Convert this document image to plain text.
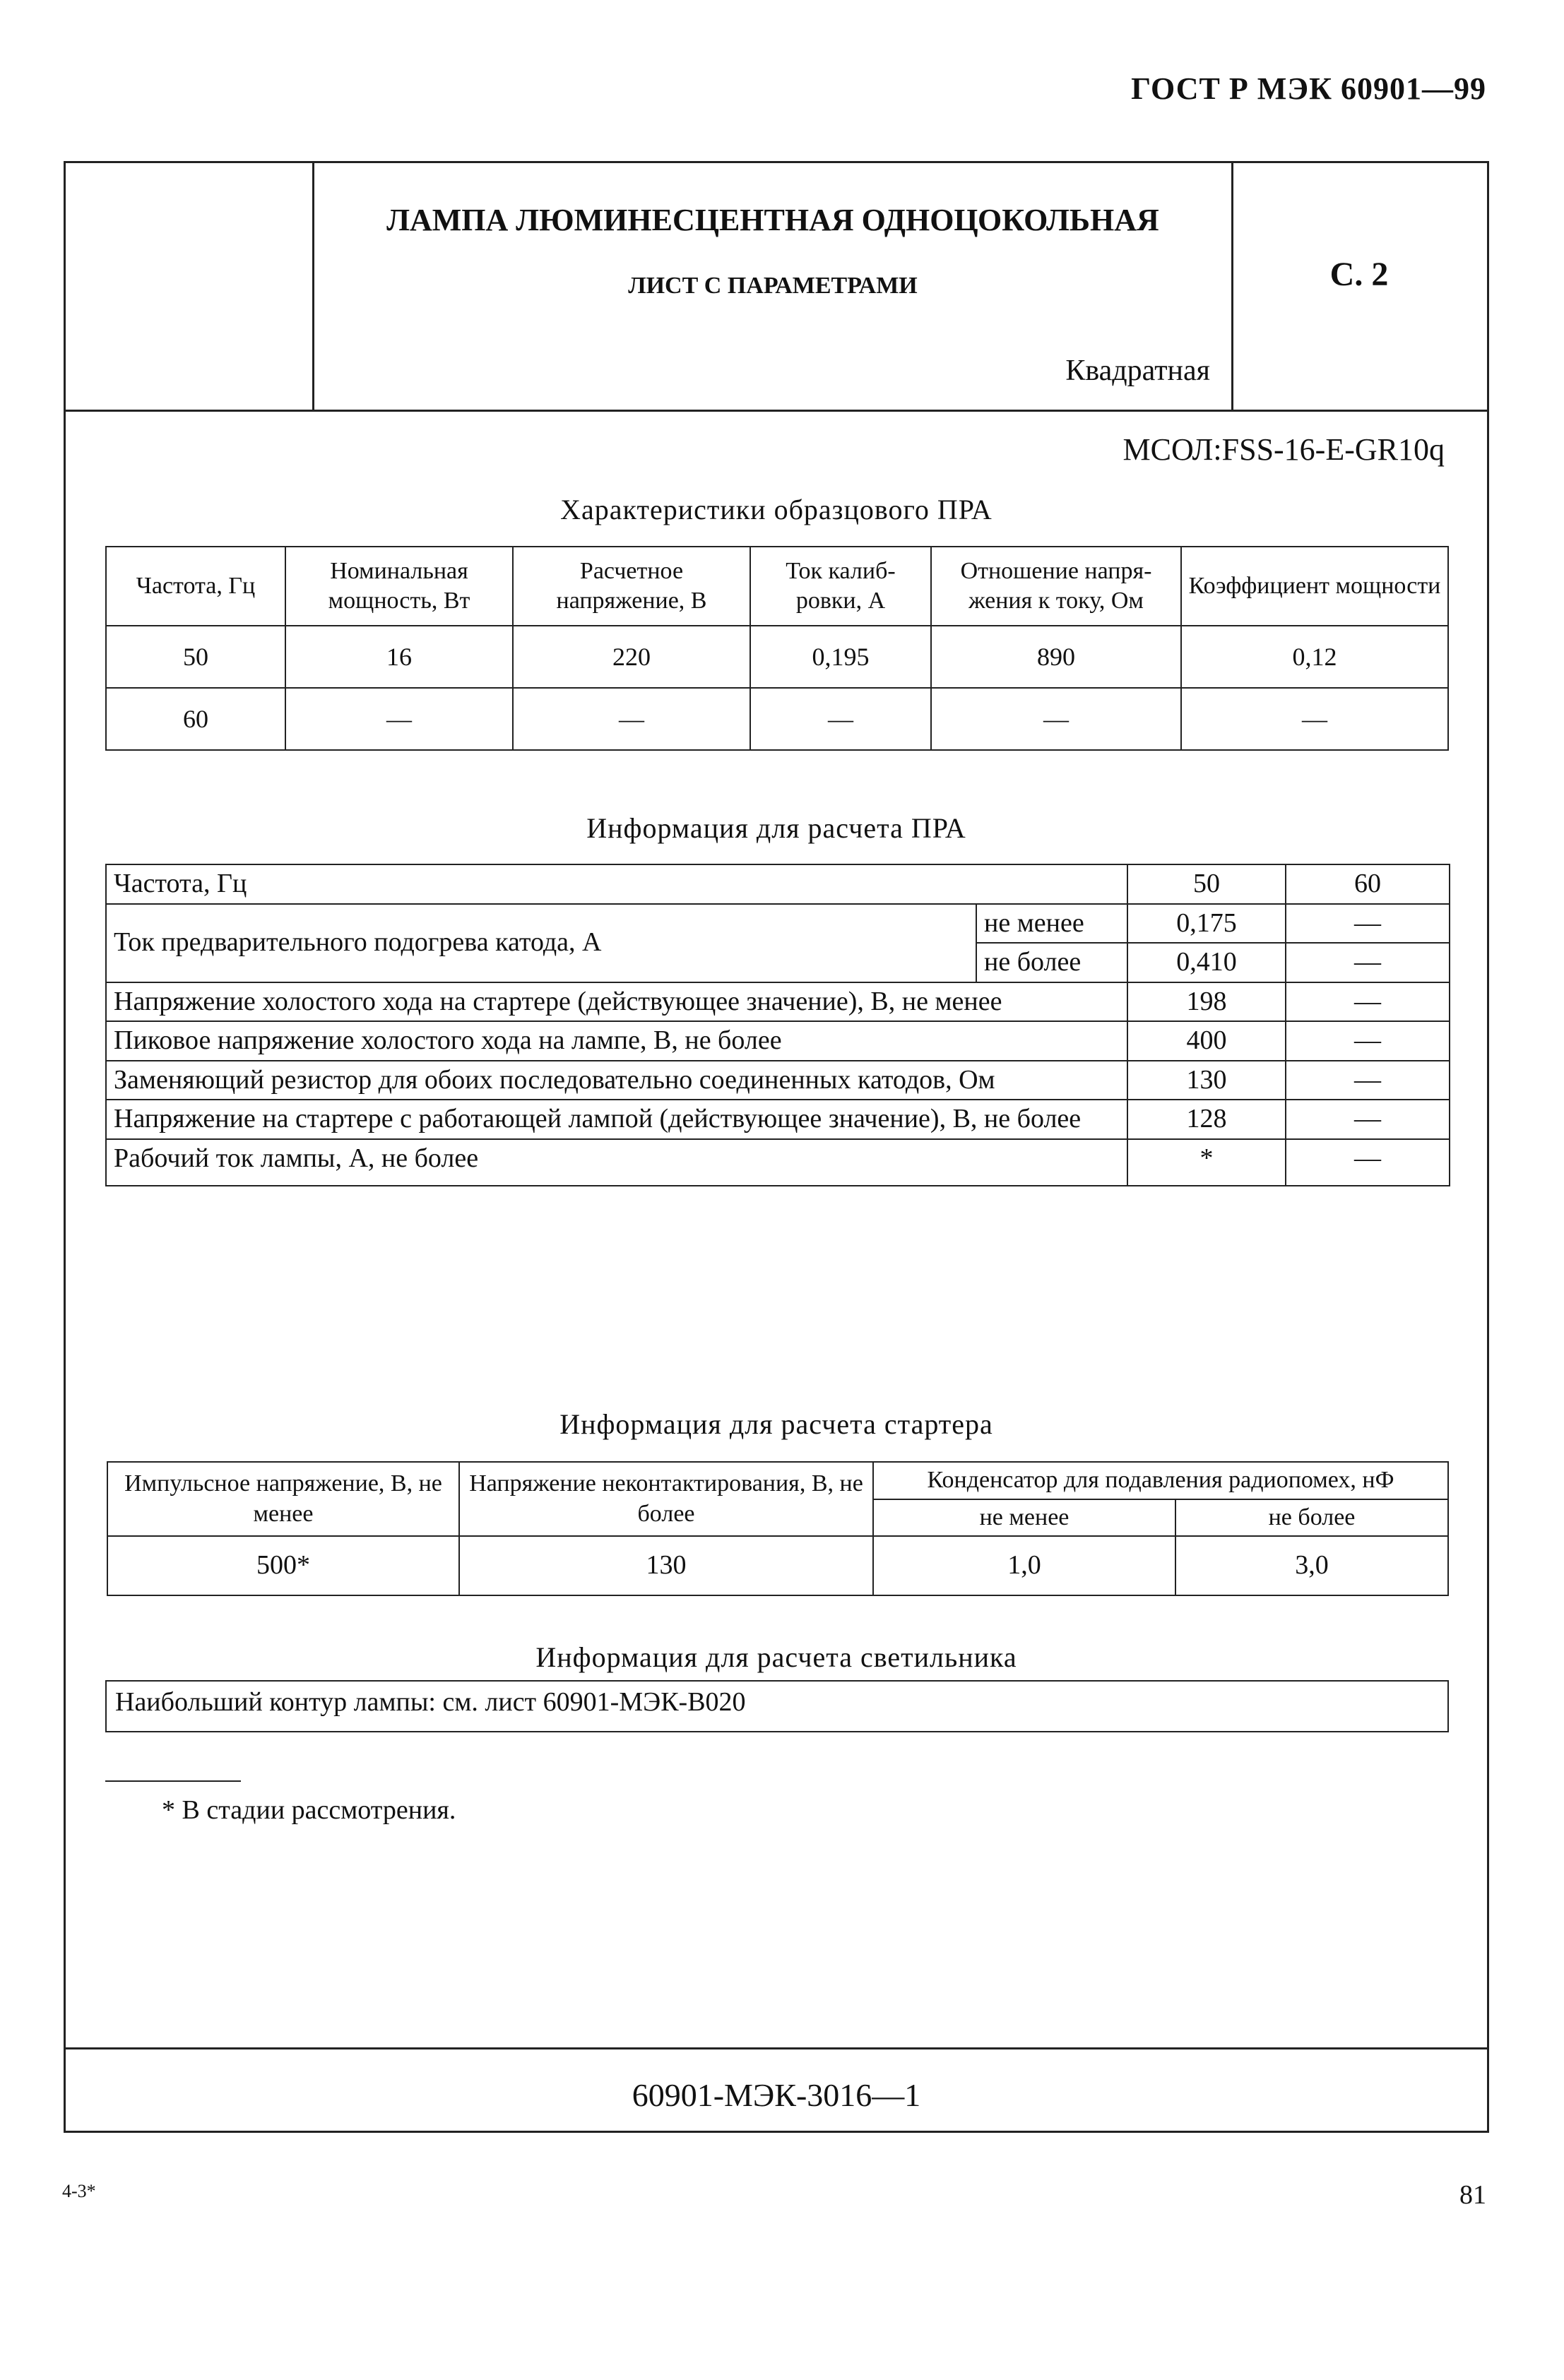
ГОСТ Р МЭК 60901—99
ЛАМПА ЛЮМИНЕСЦЕНТНАЯ ОДНОЦОКОЛЬНАЯ
ЛИСТ С ПАРАМЕТРАМИ
Квадратная
С. 2
МСОЛ:FSS-16-E-GR10q
Характеристики образцового ПРА
Частота, Гц	Номинальная мощность, Вт	Расчетное напряжение, В	Ток калиб-ровки, А	Отношение напря-жения к току, Ом	Коэффициент мощности
50	16	220	0,195	890	0,12
60	—	—	—	—	—
Информация для расчета ПРА
Частота, Гц		50	60
Ток предварительного подогрева катода, А	не менее	0,175	—
	не более	0,410	—
Напряжение холостого хода на стартере (действующее значение), В, не менее		198	—
Пиковое напряжение холостого хода на лампе, В, не более		400	—
Заменяющий резистор для обоих последовательно соединенных катодов, Ом		130	—
Напряжение на стартере с работающей лампой (действующее значение), В, не более		128	—
Рабочий ток лампы, А, не более		*	—
Информация для расчета стартера
Импульсное напряжение, В, не менее	Напряжение неконтактирования, В, не более	Конденсатор для подавления радиопомех, нФ	
		не менее	не более
500*	130	1,0	3,0
Информация для расчета светильника
Наибольший контур лампы: см. лист 60901-МЭК-В020
* В стадии рассмотрения.
60901-МЭК-3016—1
4-3*	81
